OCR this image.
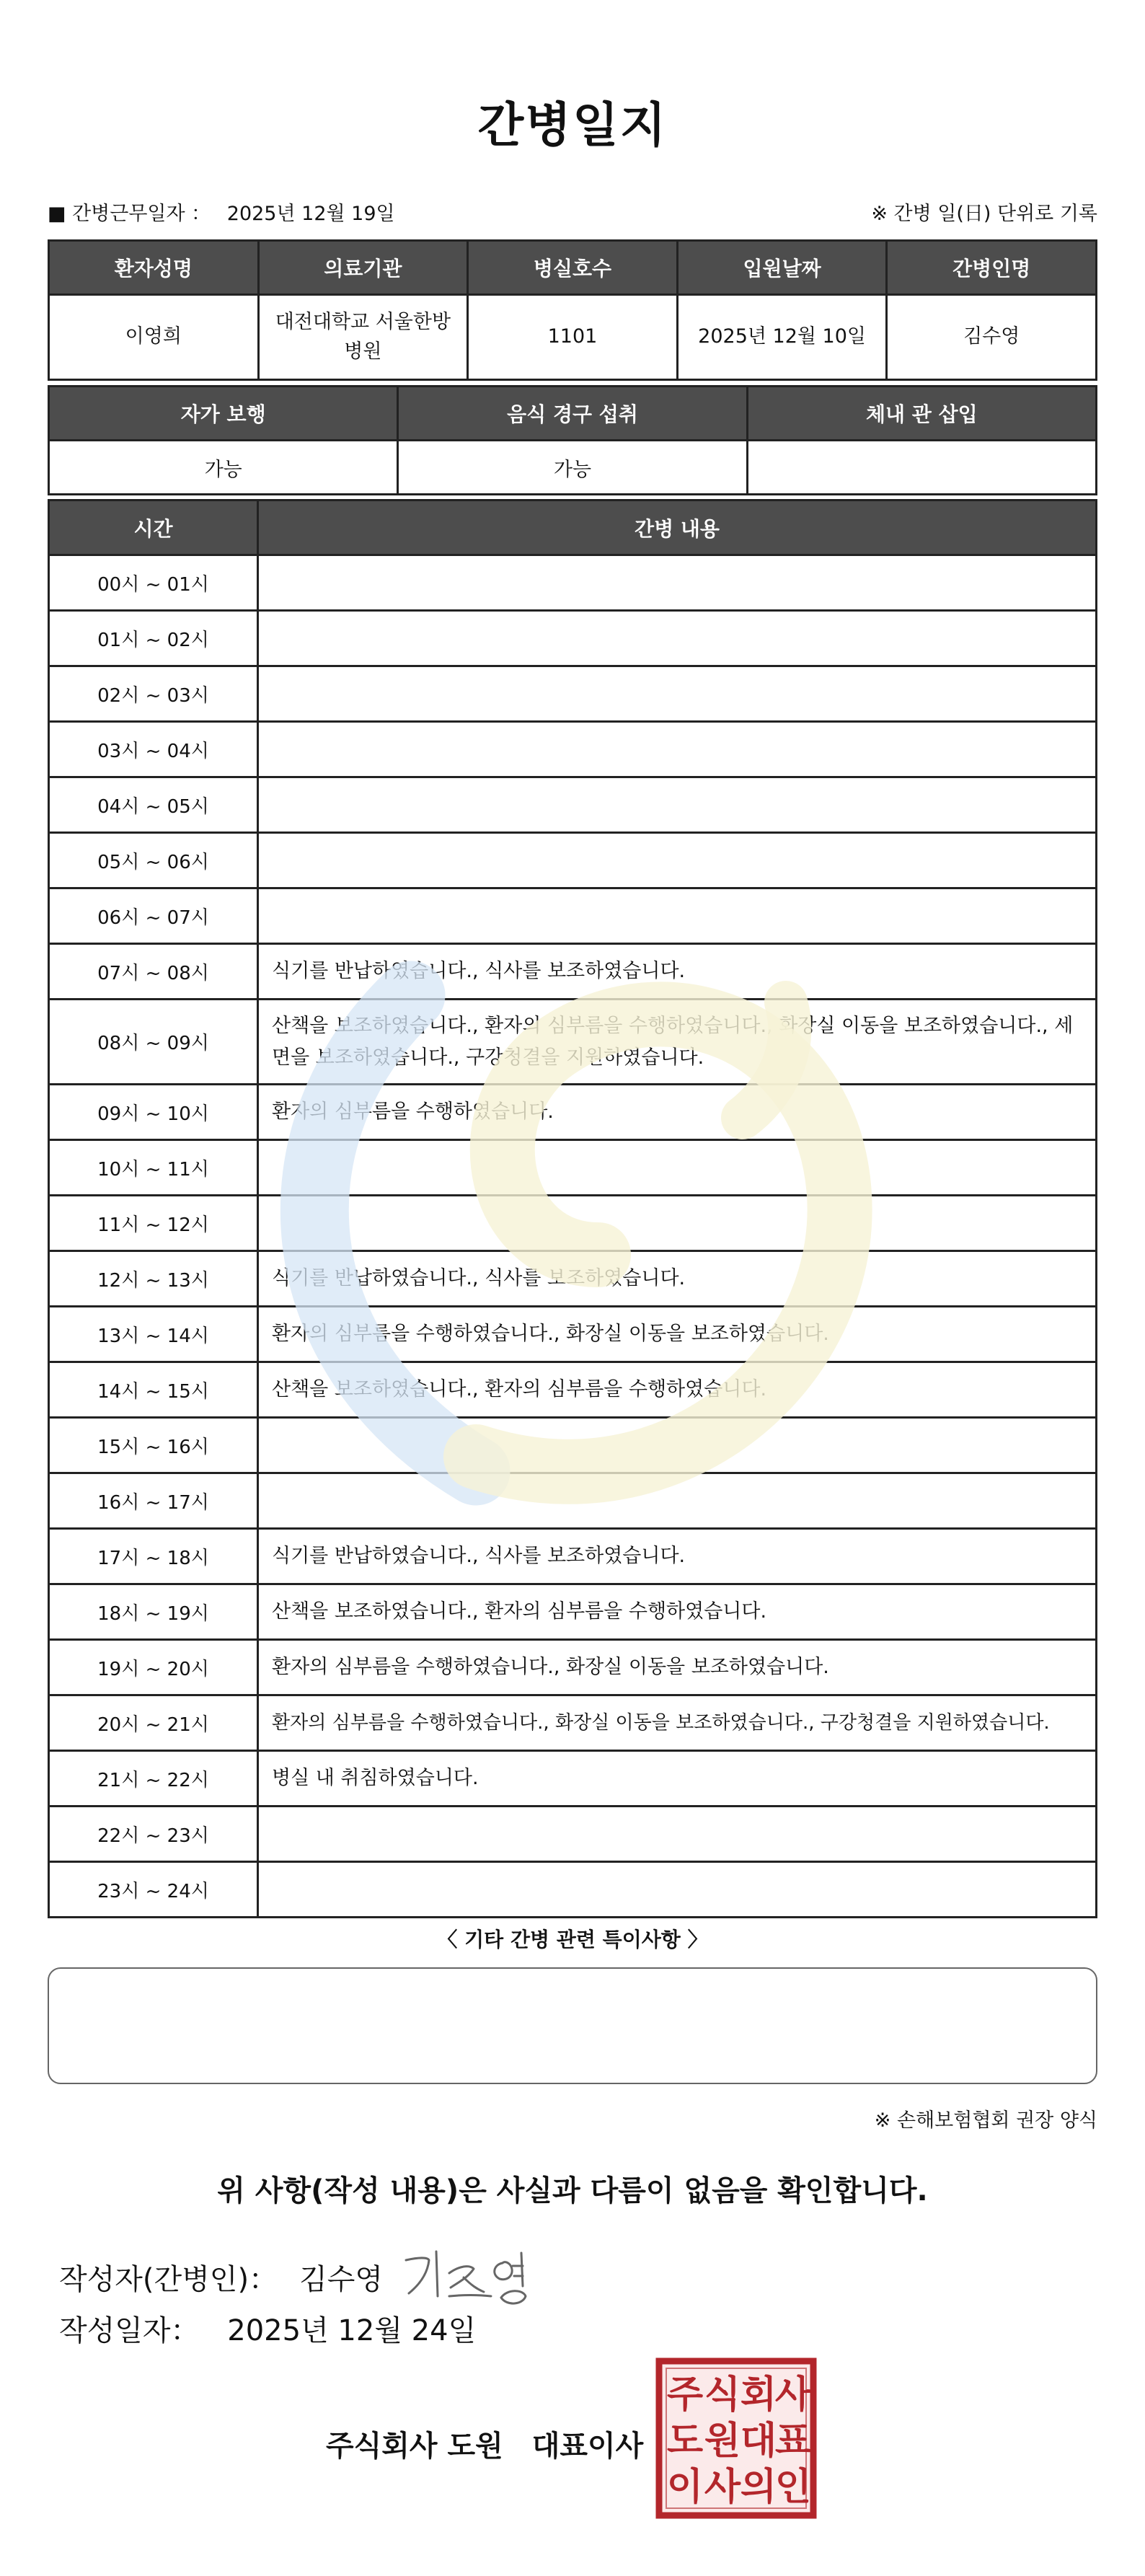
간병일지
■ 간병근무일자 ： 2025년 12월 19일	※ 간병 일(日) 단위로 기록
환자성명	의료기관	병실호수	입원날짜	간병인명
이영희	대전대학교 서울한방병원	1101	2025년 12월 10일	김수영
자가 보행	음식 경구 섭취	체내 관 삽입
가능	가능	
시간	간병 내용
00시 ~ 01시	
01시 ~ 02시	
02시 ~ 03시	
03시 ~ 04시	
04시 ~ 05시	
05시 ~ 06시	
06시 ~ 07시	
07시 ~ 08시	식기를 반납하였습니다., 식사를 보조하였습니다.
08시 ~ 09시	산책을 보조하였습니다., 환자의 심부름을 수행하였습니다., 화장실 이동을 보조하였습니다., 세면을 보조하였습니다., 구강청결을 지원하였습니다.
09시 ~ 10시	환자의 심부름을 수행하였습니다.
10시 ~ 11시	
11시 ~ 12시	
12시 ~ 13시	식기를 반납하였습니다., 식사를 보조하였습니다.
13시 ~ 14시	환자의 심부름을 수행하였습니다., 화장실 이동을 보조하였습니다.
14시 ~ 15시	산책을 보조하였습니다., 환자의 심부름을 수행하였습니다.
15시 ~ 16시	
16시 ~ 17시	
17시 ~ 18시	식기를 반납하였습니다., 식사를 보조하였습니다.
18시 ~ 19시	산책을 보조하였습니다., 환자의 심부름을 수행하였습니다.
19시 ~ 20시	환자의 심부름을 수행하였습니다., 화장실 이동을 보조하였습니다.
20시 ~ 21시	환자의 심부름을 수행하였습니다., 화장실 이동을 보조하였습니다., 구강청결을 지원하였습니다.
21시 ~ 22시	병실 내 취침하였습니다.
22시 ~ 23시	
23시 ~ 24시	
〈 기타 간병 관련 특이사항 〉
※ 손해보험협회 권장 양식
위 사항(작성 내용)은 사실과 다름이 없음을 확인합니다.
작성자(간병인)： 김수영
작성일자： 2025년 12월 24일
주식회사 도원 대표이사
주 식 회
사
도 원 대
표
이 사 의
인
